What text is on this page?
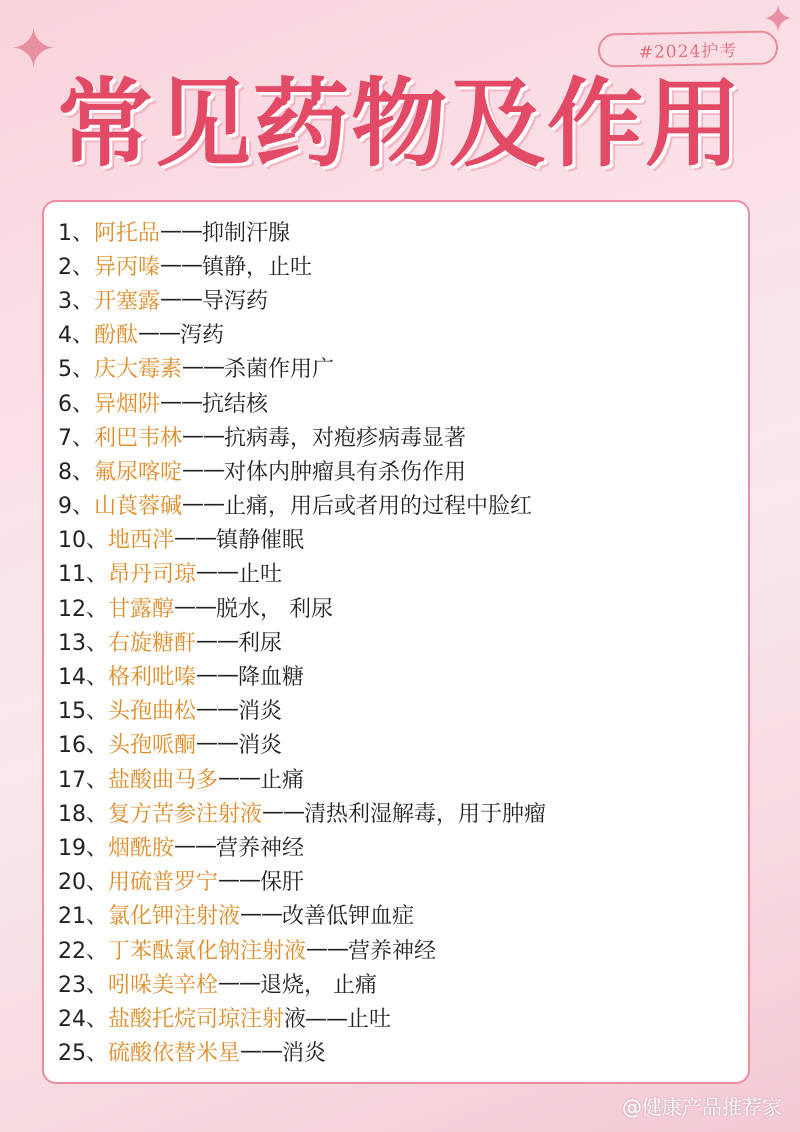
✦	✦
#2024护考
常见药物及作用
1、 阿托品 —— 抑制汗腺
2、 异丙嗪 —— 镇静，止吐
3、 开塞露 —— 导泻药
4、 酚酞 —— 泻药
5、 庆大霉素 —— 杀菌作用广
6、 异烟阱 —— 抗结核
7、 利巴韦林 —— 抗病毒，对疱疹病毒显著
8、 氟尿喀啶 —— 对体内肿瘤具有杀伤作用
9、 山莨蓉碱 —— 止痛，用后或者用的过程中脸红
10、 地西泮 —— 镇静催眠
11、 昂丹司琼 —— 止吐
12、 甘露醇 —— 脱水， 利尿
13、 右旋糖酐 —— 利尿
14、 格利吡嗪 —— 降血糖
15、 头孢曲松 —— 消炎
16、 头孢哌酮 —— 消炎
17、 盐酸曲马多 —— 止痛
18、 复方苦参注射液 —— 清热利湿解毒，用于肿瘤
19、 烟酰胺 —— 营养神经
20、 用硫普罗宁 —— 保肝
21、 氯化钾注射液 —— 改善低钾血症
22、 丁苯酞氯化钠注射液 —— 营养神经
23、 吲哚美辛栓 —— 退烧， 止痛
24、 盐酸托烷司琼注射 液—— 止吐
25、 硫酸依替米星 —— 消炎
@健康产品推荐家
